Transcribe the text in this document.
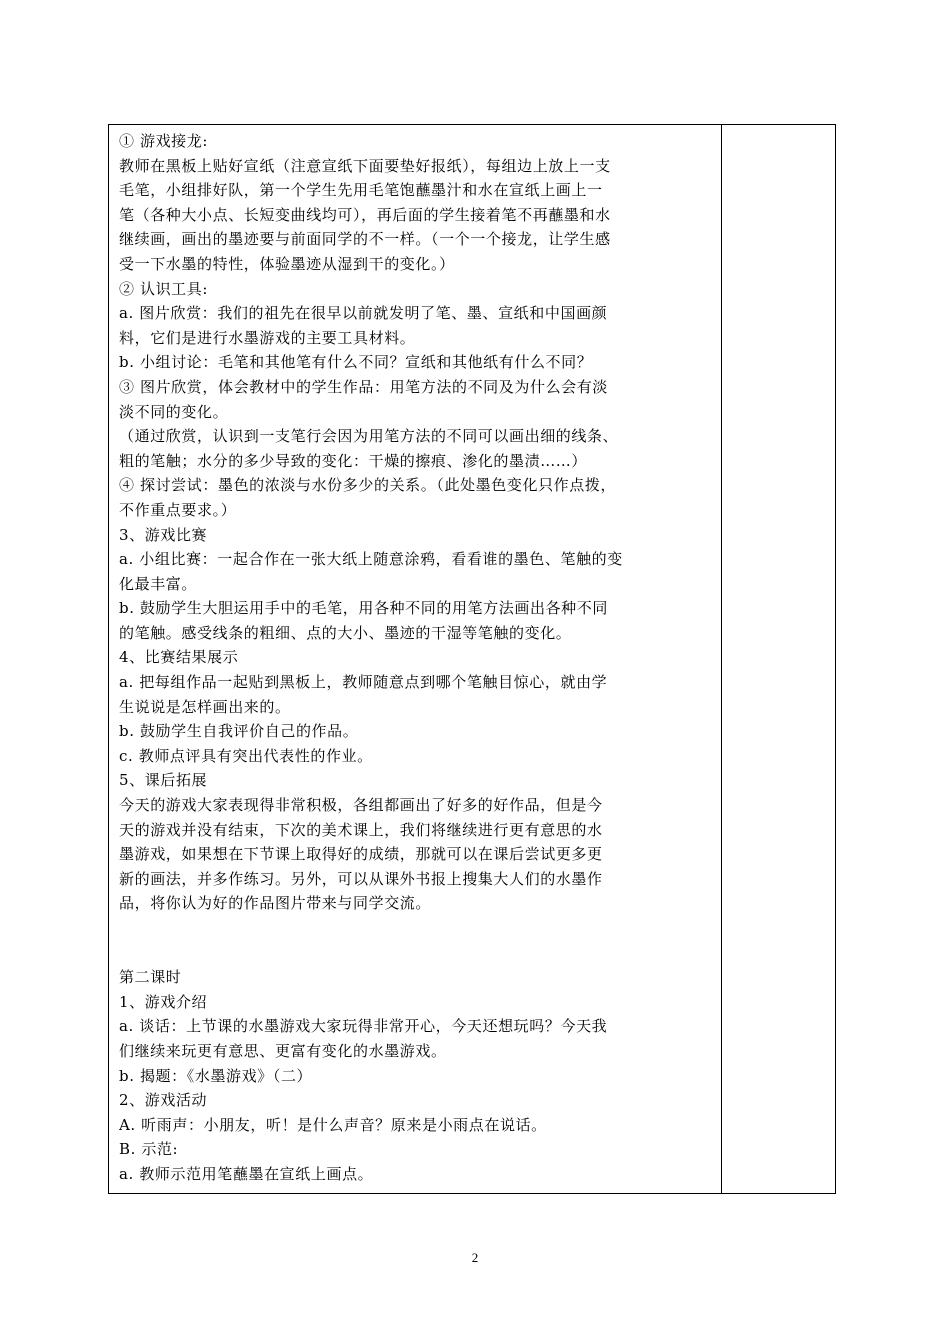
① 游戏接龙:
教师在黑板上贴好宣纸（注意宣纸下面要垫好报纸），每组边上放上一支
毛笔，小组排好队，第一个学生先用毛笔饱蘸墨汁和水在宣纸上画上一
笔（各种大小点、长短变曲线均可），再后面的学生接着笔不再蘸墨和水
继续画，画出的墨迹要与前面同学的不一样。（一个一个接龙，让学生感
受一下水墨的特性，体验墨迹从湿到干的变化。）
② 认识工具:
a. 图片欣赏：我们的祖先在很早以前就发明了笔、墨、宣纸和中国画颜
料，它们是进行水墨游戏的主要工具材料。
b. 小组讨论：毛笔和其他笔有什么不同？宣纸和其他纸有什么不同？
③ 图片欣赏，体会教材中的学生作品：用笔方法的不同及为什么会有淡
淡不同的变化。
（通过欣赏，认识到一支笔行会因为用笔方法的不同可以画出细的线条、
粗的笔触；水分的多少导致的变化：干燥的擦痕、渗化的墨渍……）
④ 探讨尝试：墨色的浓淡与水份多少的关系。（此处墨色变化只作点拨，
不作重点要求。）
3、游戏比赛
a. 小组比赛：一起合作在一张大纸上随意涂鸦，看看谁的墨色、笔触的变
化最丰富。
b. 鼓励学生大胆运用手中的毛笔，用各种不同的用笔方法画出各种不同
的笔触。感受线条的粗细、点的大小、墨迹的干湿等笔触的变化。
4、比赛结果展示
a. 把每组作品一起贴到黑板上，教师随意点到哪个笔触目惊心，就由学
生说说是怎样画出来的。
b. 鼓励学生自我评价自己的作品。
c. 教师点评具有突出代表性的作业。
5、课后拓展
今天的游戏大家表现得非常积极，各组都画出了好多的好作品，但是今
天的游戏并没有结束，下次的美术课上，我们将继续进行更有意思的水
墨游戏，如果想在下节课上取得好的成绩，那就可以在课后尝试更多更
新的画法，并多作练习。另外，可以从课外书报上搜集大人们的水墨作
品，将你认为好的作品图片带来与同学交流。
第二课时
1、游戏介绍
a. 谈话：上节课的水墨游戏大家玩得非常开心，今天还想玩吗？今天我
们继续来玩更有意思、更富有变化的水墨游戏。
b. 揭题：《水墨游戏》（二）
2、游戏活动
A. 听雨声：小朋友，听！是什么声音？原来是小雨点在说话。
B. 示范:
a. 教师示范用笔蘸墨在宣纸上画点。
2
